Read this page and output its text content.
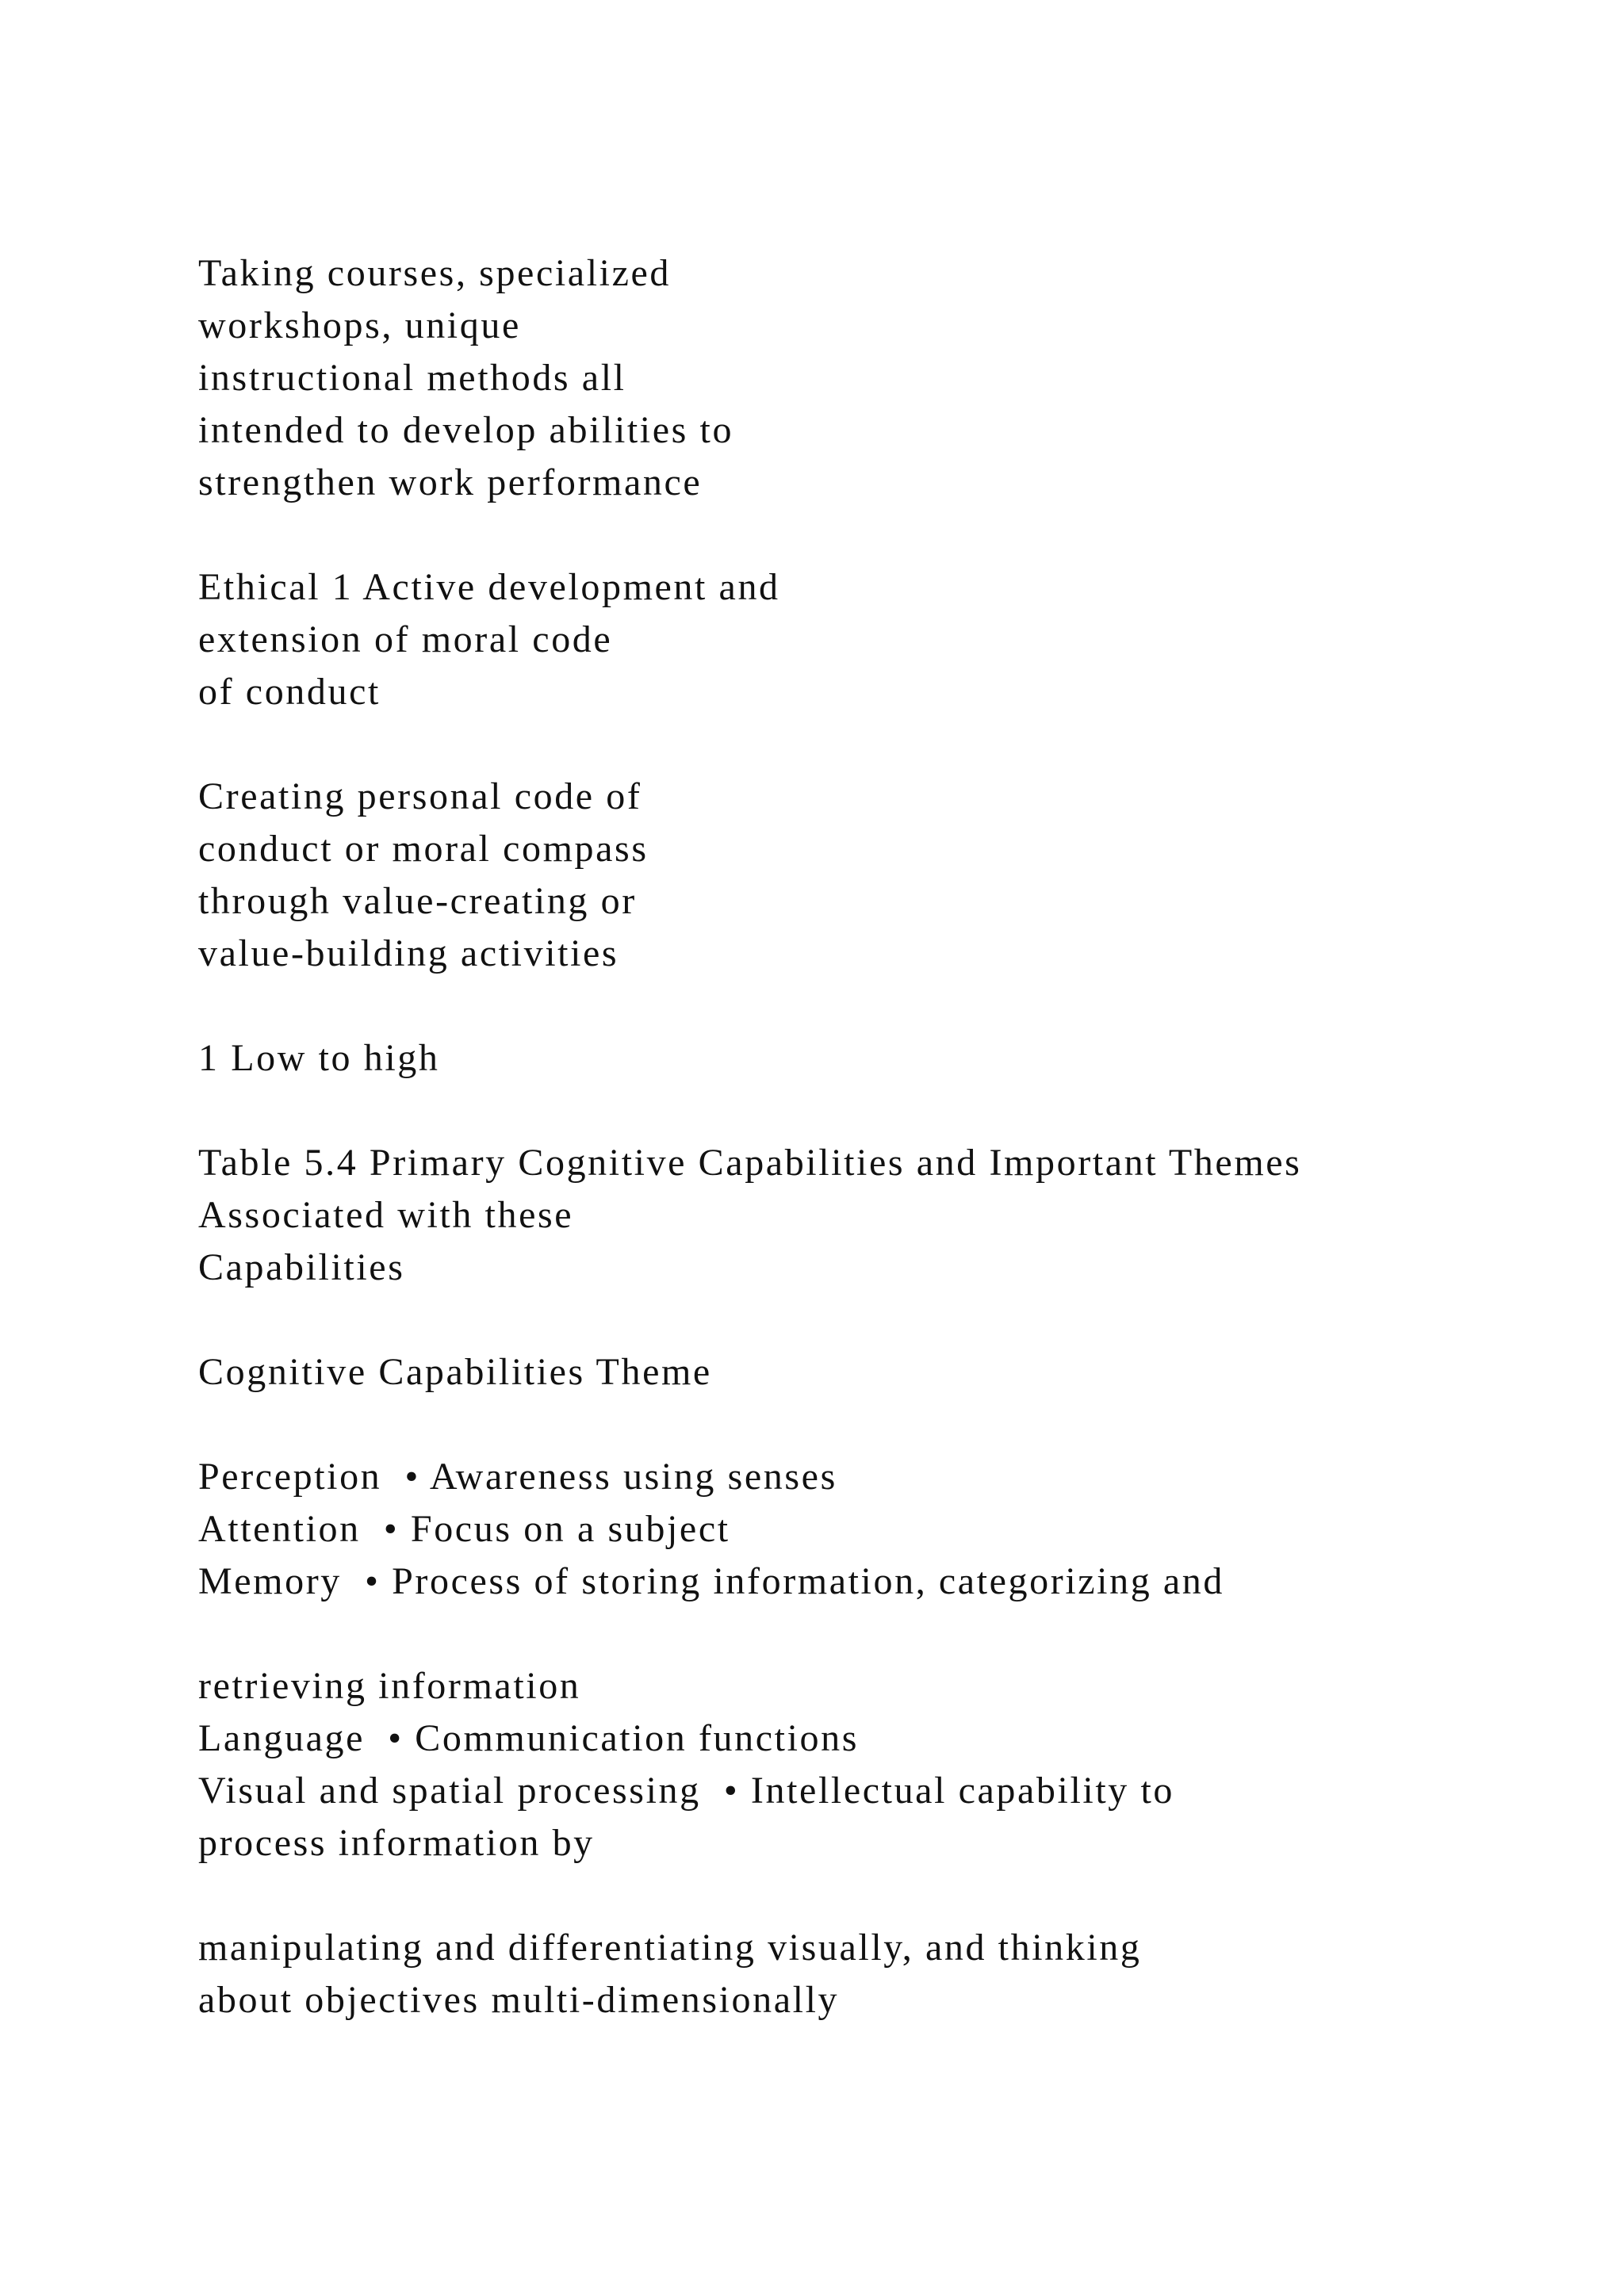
Taking courses, specialized
workshops, unique
instructional methods all
intended to develop abilities to
strengthen work performance
Ethical 1 Active development and
extension of moral code
of conduct
Creating personal code of
conduct or moral compass
through value-creating or
value-building activities
1 Low to high
Table 5.4 Primary Cognitive Capabilities and Important Themes
Associated with these
Capabilities
Cognitive Capabilities Theme
Perception  • Awareness using senses
Attention  • Focus on a subject
Memory  • Process of storing information, categorizing and
retrieving information
Language  • Communication functions
Visual and spatial processing  • Intellectual capability to
process information by
manipulating and differentiating visually, and thinking
about objectives multi-dimensionally
